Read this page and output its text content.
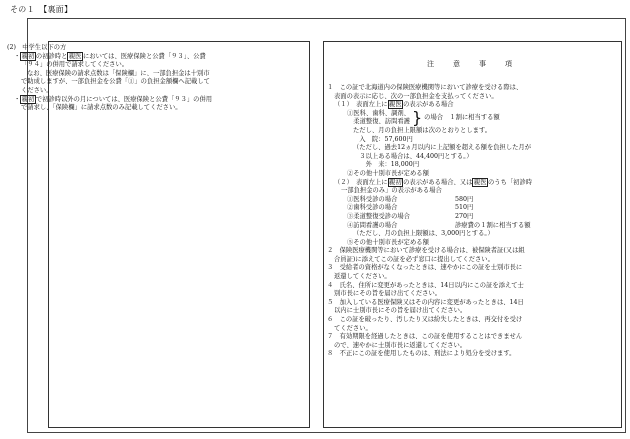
その１　【裏面】
(2)　中学生以下の方
・ 親初 の初診時と 親医 においては、医療保険と公費「９３」、公費
「９４」の併用で請求してください。
なお、医療保険の請求点数は「保険欄」に、一部負担金は十別市
で助成しますが、一部負担金を公費「①」の負担金額欄へ記載して
ください。
・ 親初 で初診時以外の月については、医療保険と公費「９３」の併用
で請求し、「保険欄」に請求点数のみ記載してください。
注　意　事　項
１　この証で北海道内の保険医療機関等において診療を受ける際は、
表面の表示に応じ、次の一部負担金を支払ってください。
（１）　表面左上に 親医 の表示がある場合
①医科、歯科、調剤、
　柔道整復、訪問看護 } の場合　１割に相当する額
ただし、月の負担上限額は次のとおりとします。
　入　院：57,600円
（ただし、過去12ヵ月以内に上記額を超える額を負担した月が
　３以上ある場合は、44,400円とする。）
　　外　来：18,000円
②その他十別市長が定める額
（２）　表面左上に 親初 の表示がある場合、又は 親医 のうち「初診時
一部負担金のみ」の表示がある場合
①医科受診の場合	580円
②歯科受診の場合	510円
③柔道整復受診の場合	270円
④訪問看護の場合	診療費の１割に相当する額
（ただし、月の負担上限額は、3,000円とする。）
⑤その他十別市長が定める額
２　保険医療機関等において診療を受ける場合は、被保険者証(又は組
合員証)に添えてこの証を必ず窓口に提出してください。
３　受給者の資格がなくなったときは、速やかにこの証を士別市長に
返還してください。
４　氏名、住所に変更があったときは、14日以内にこの証を添えて士
別市長にその旨を届け出てください。
５　加入している医療保険又はその内容に変更があったときは、14日
以内に士別市長にその旨を届け出てください。
６　この証を破ったり、汚したり又は紛失したときは、再交付を受け
てください。
７　有効期限を経過したときは、この証を使用することはできません
ので、速やかに士別市長に返還してください。
８　不正にこの証を使用したものは、刑法により処分を受けます。
